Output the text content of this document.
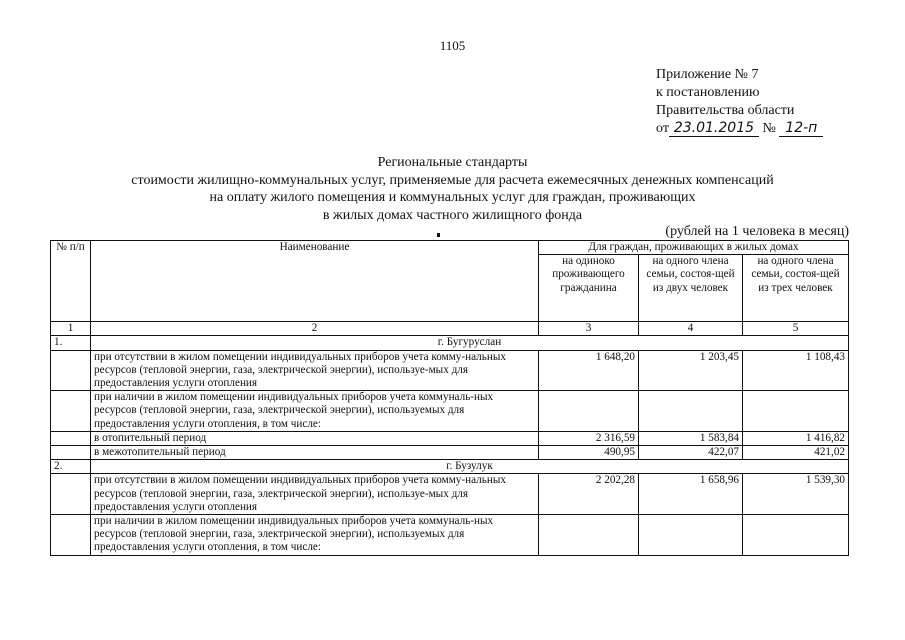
1105
Приложение № 7
к постановлению
Правительства области
от 23.01.2015 № 12-п
Региональные стандарты
стоимости жилищно-коммунальных услуг, применяемые для расчета ежемесячных денежных компенсаций
на оплату жилого помещения и коммунальных услуг для граждан, проживающих
в жилых домах частного жилищного фонда
(рублей на 1 человека в месяц)
№ п/п	Наименование	Для граждан, проживающих в жилых домах		
		на одиноко проживающего гражданина	на одного члена семьи, состоя-щей из двух человек	на одного члена семьи, состоя-щей из трех человек
1	2	3	4	5
1.	г. Бугуруслан			
	при отсутствии в жилом помещении индивидуальных приборов учета комму-нальных ресурсов (тепловой энергии, газа, электрической энергии), используе-мых для предоставления услуги отопления	1 648,20	1 203,45	1 108,43
	при наличии в жилом помещении индивидуальных приборов учета коммуналь-ных ресурсов (тепловой энергии, газа, электрической энергии), используемых для предоставления услуги отопления, в том числе:			
	в отопительный период	2 316,59	1 583,84	1 416,82
	в межотопительный период	490,95	422,07	421,02
2.	г. Бузулук			
	при отсутствии в жилом помещении индивидуальных приборов учета комму-нальных ресурсов (тепловой энергии, газа, электрической энергии), используе-мых для предоставления услуги отопления	2 202,28	1 658,96	1 539,30
	при наличии в жилом помещении индивидуальных приборов учета коммуналь-ных ресурсов (тепловой энергии, газа, электрической энергии), используемых для предоставления услуги отопления, в том числе:			
